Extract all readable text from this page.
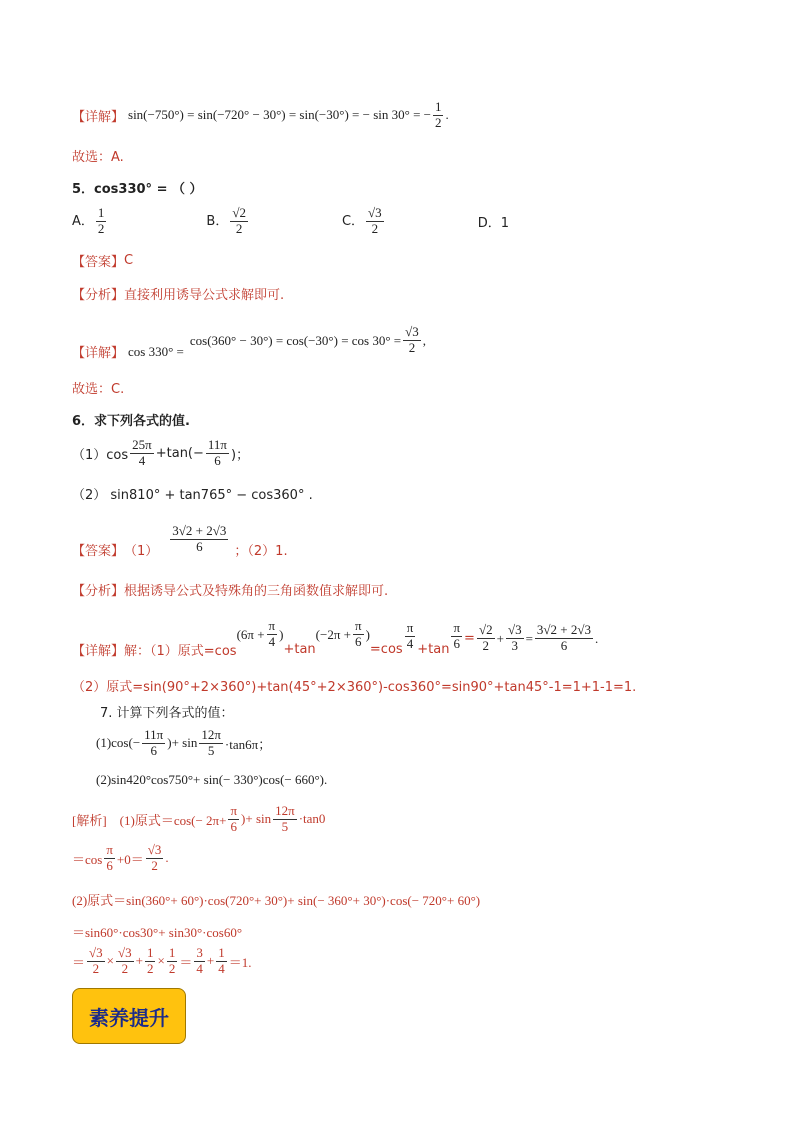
【详解】 sin(−750°) = sin(−720° − 30°) = sin(−30°) = − sin 30° = − $\frac{1}{2}$ .
故选：A.
5．cos330° = （ ）
A． $\frac{1}{2}$	B． $\frac{√2}{2}$	C． $\frac{√3}{2}$	D．1
【答案】 C
【分析】 直接利用诱导公式求解即可.
【详解】 cos 330° =
$\cos(360^\circ - 30^\circ) = \cos(-30^\circ) = \cos 30^\circ = \frac{√3}{2}$ ,
故选：C.
6．求下列各式的值.
$(1)\cos \frac{25\pi}{4} +\tan(- \frac{11\pi}{6}$ )；
（2） sin810° + tan765° − cos360° .
【答案】 $(1) \frac{3√2 + 2√3}{6}$ ；（2）1.
【分析】 根据诱导公式及特殊角的三角函数值求解即可.
【详解】 解：（1）原式=cos
($6\pi + \frac{\pi}{4}$ )
+tan
($-2\pi + \frac{\pi}{6}$ )
$=\cos \frac{\pi}{4} +\tan \frac{\pi}{6} = \frac{√2}{2} + \frac{√3}{3} = \frac{3√2 + 2√3}{6}$ .
（2）原式=sin(90°+2×360°)+tan(45°+2×360°)-cos360°=sin90°+tan45°-1=1+1-1=1.
7. 计算下列各式的值：
$(1)\cos(- \frac{11\pi}{6}$ )+ $\sin \frac{12\pi}{5} \cdot\tan 6\pi$；
(2)sin420°cos750°+ sin(− 330°)cos(− 660°).
[解析]　(1)原式$=\cos(- 2\pi+ \frac{\pi}{6}$ )+ $\sin \frac{12\pi}{5} \cdot\tan 0$
$=\cos \frac{\pi}{6} +0= \frac{√3}{2}$ .
(2)原式＝sin(360°+ 60°)·cos(720°+ 30°)+ sin(− 360°+ 30°)·cos(− 720°+ 60°)
＝sin60°·cos30°+ sin30°·cos60°
＝ $\frac{√3}{2} \times \frac{√3}{2} + \frac{1}{2} \times \frac{1}{2} = \frac{3}{4} + \frac{1}{4} =1$.
素养提升
